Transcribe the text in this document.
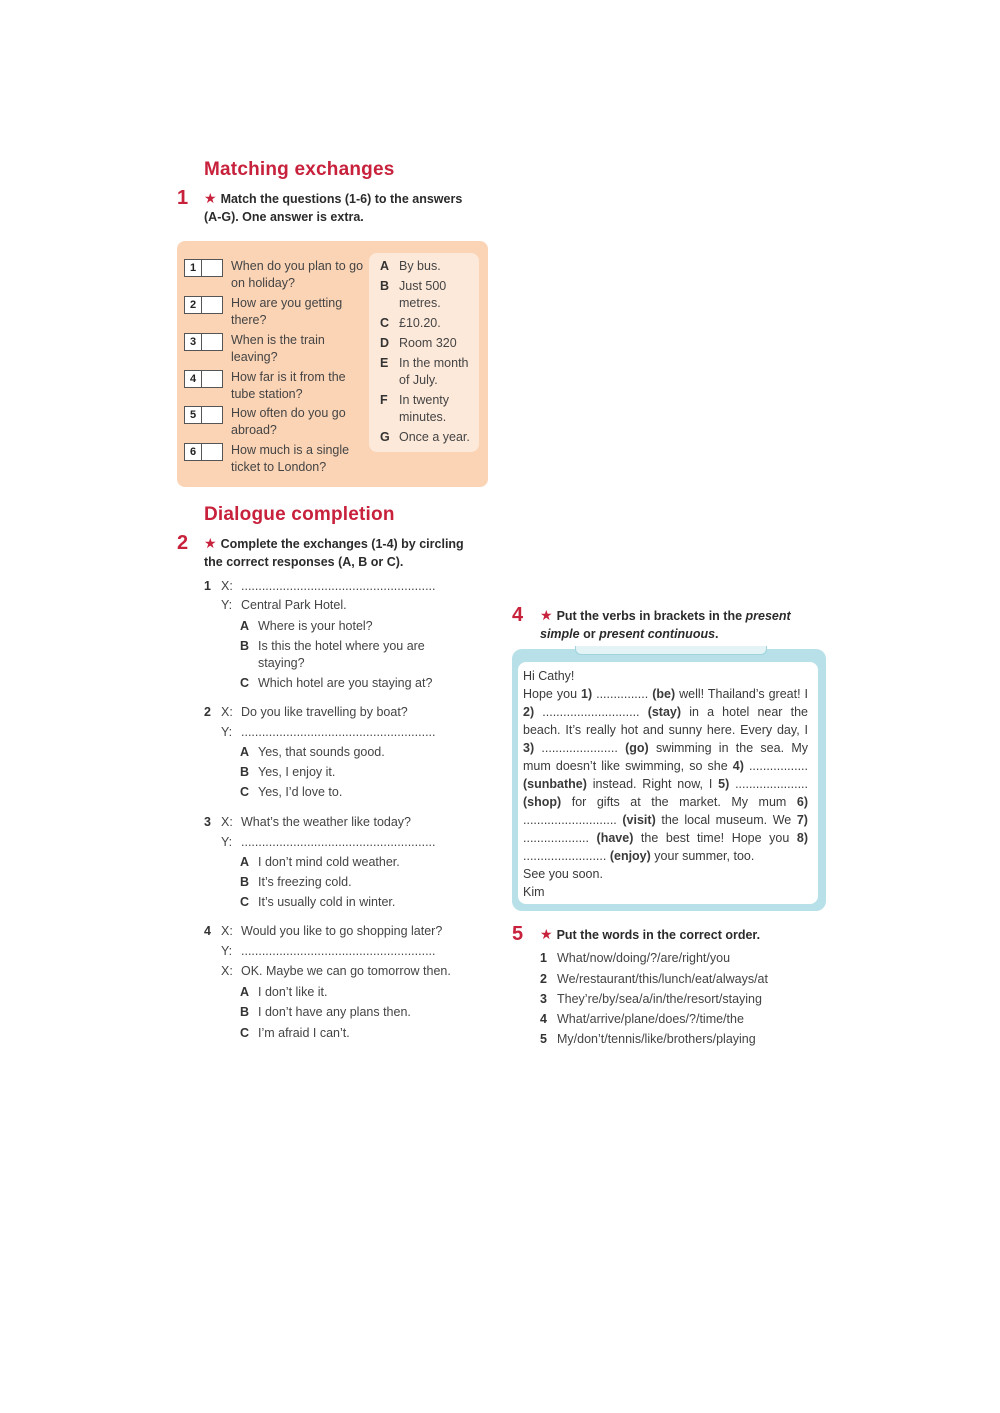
Matching exchanges
1 ★ Match the questions (1-6) to the answers (A-G). One answer is extra.
1	When do you plan to go on holiday?
2	How are you getting there?
3	When is the train leaving?
4	How far is it from the tube station?
5	How often do you go abroad?
6	How much is a single ticket to London?
A By bus.
B Just 500 metres.
C £10.20.
D Room 320
E In the month of July.
F In twenty minutes.
G Once a year.
Dialogue completion
2 ★ Complete the exchanges (1-4) by circling the correct responses (A, B or C).
1 X: ........................................................
Y: Central Park Hotel.
A Where is your hotel?
B Is this the hotel where you are staying?
C Which hotel are you staying at?
2 X: Do you like travelling by boat?
Y: ........................................................
A Yes, that sounds good.
B Yes, I enjoy it.
C Yes, I’d love to.
3 X: What’s the weather like today?
Y: ........................................................
A I don’t mind cold weather.
B It’s freezing cold.
C It’s usually cold in winter.
4 X: Would you like to go shopping later?
Y: ........................................................
X: OK. Maybe we can go tomorrow then.
A I don’t like it.
B I don’t have any plans then.
C I’m afraid I can’t.
4 ★ Put the verbs in brackets in the present simple or present continuous.
Hi Cathy!
Hope you 1) ............... (be) well! Thailand’s great! I 2) ............................ (stay) in a hotel near the beach. It’s really hot and sunny here. Every day, I 3) ...................... (go) swimming in the sea. My mum doesn’t like swimming, so she 4) ................. (sunbathe) instead. Right now, I 5) ..................... (shop) for gifts at the market. My mum 6) ........................... (visit) the local museum. We 7) ................... (have) the best time! Hope you 8) ........................ (enjoy) your summer, too.
See you soon.
Kim
5 ★ Put the words in the correct order.
1 What/now/doing/?/are/right/you
2 We/restaurant/this/lunch/eat/always/at
3 They’re/by/sea/a/in/the/resort/staying
4 What/arrive/plane/does/?/time/the
5 My/don’t/tennis/like/brothers/playing
